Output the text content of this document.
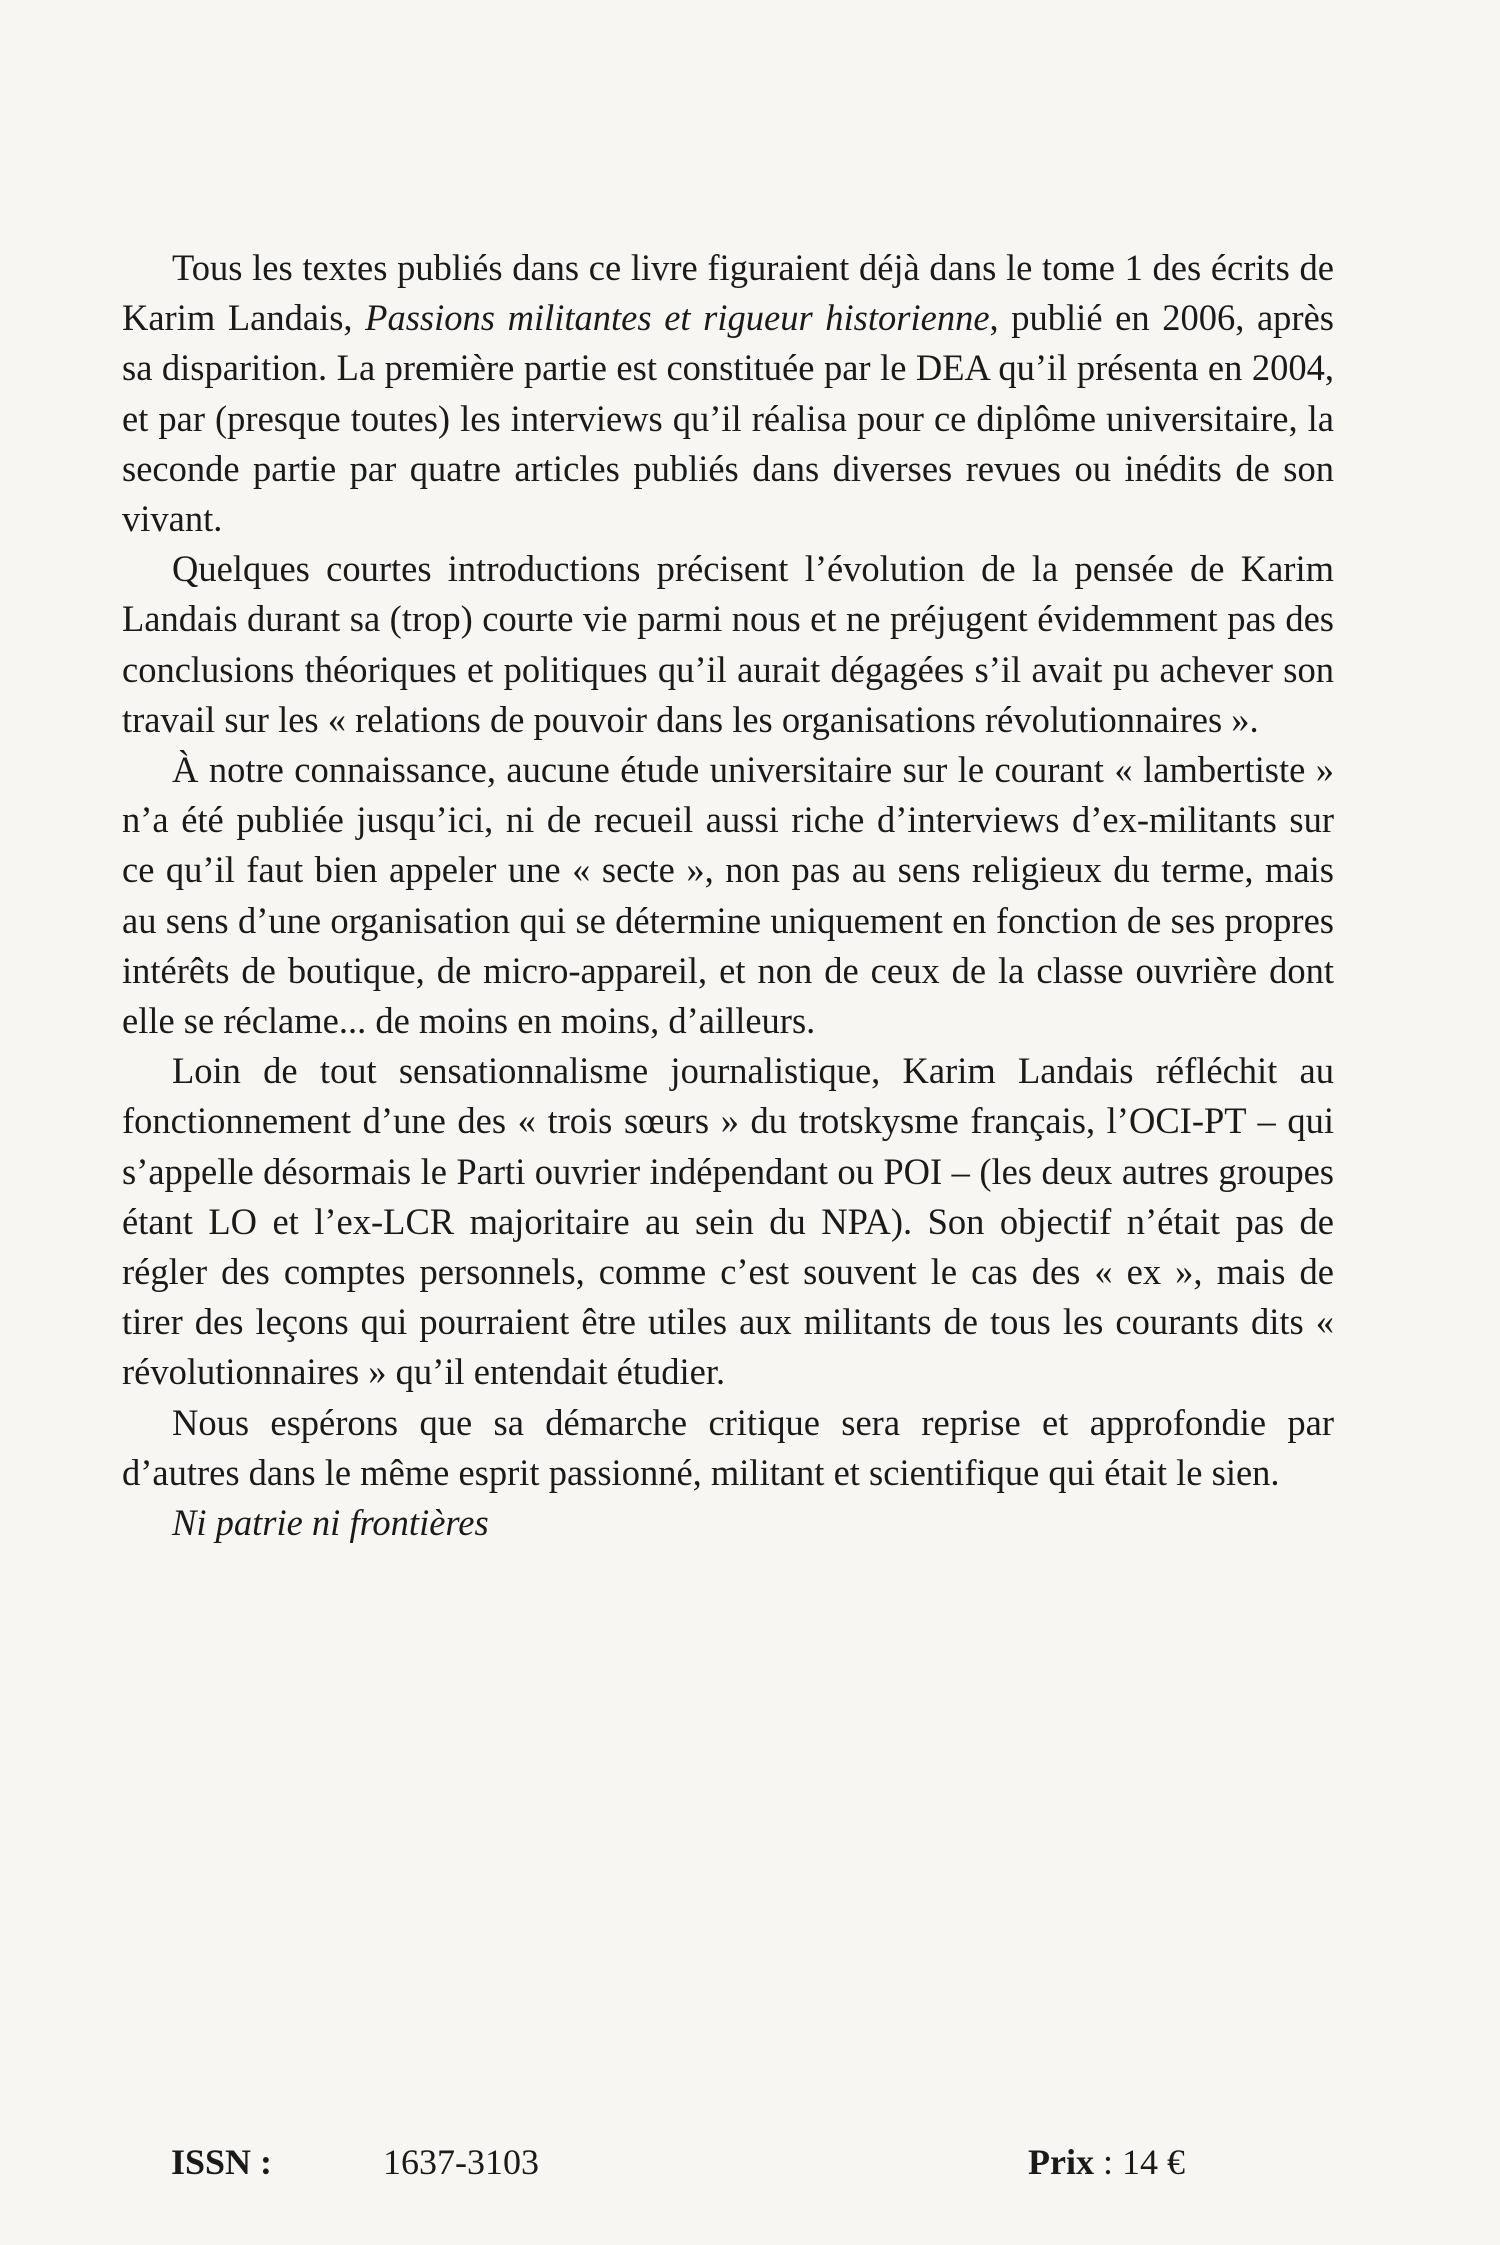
Tous les textes publiés dans ce livre figuraient déjà dans le tome 1 des écrits de Karim Landais, Passions militantes et rigueur historienne, publié en 2006, après sa disparition. La première partie est constituée par le DEA qu’il présenta en 2004, et par (presque toutes) les interviews qu’il réalisa pour ce diplôme universitaire, la seconde partie par quatre articles publiés dans diverses revues ou inédits de son vivant.

Quelques courtes introductions précisent l’évolution de la pensée de Karim Landais durant sa (trop) courte vie parmi nous et ne préjugent évidemment pas des conclusions théoriques et politiques qu’il aurait dégagées s’il avait pu achever son travail sur les « relations de pouvoir dans les organisations révolutionnaires ».

À notre connaissance, aucune étude universitaire sur le courant « lambertiste » n’a été publiée jusqu’ici, ni de recueil aussi riche d’interviews d’ex-militants sur ce qu’il faut bien appeler une « secte », non pas au sens religieux du terme, mais au sens d’une organisation qui se détermine uniquement en fonction de ses propres intérêts de boutique, de micro-appareil, et non de ceux de la classe ouvrière dont elle se réclame... de moins en moins, d’ailleurs.

Loin de tout sensationnalisme journalistique, Karim Landais réfléchit au fonctionnement d’une des « trois sœurs » du trotskysme français, l’OCI-PT – qui s’appelle désormais le Parti ouvrier indépendant ou POI – (les deux autres groupes étant LO et l’ex-LCR majoritaire au sein du NPA). Son objectif n’était pas de régler des comptes personnels, comme c’est souvent le cas des « ex », mais de tirer des leçons qui pourraient être utiles aux militants de tous les courants dits « révolutionnaires » qu’il entendait étudier.

Nous espérons que sa démarche critique sera reprise et approfondie par d’autres dans le même esprit passionné, militant et scientifique qui était le sien.

Ni patrie ni frontières

ISSN :	1637-3103	Prix : 14 €
